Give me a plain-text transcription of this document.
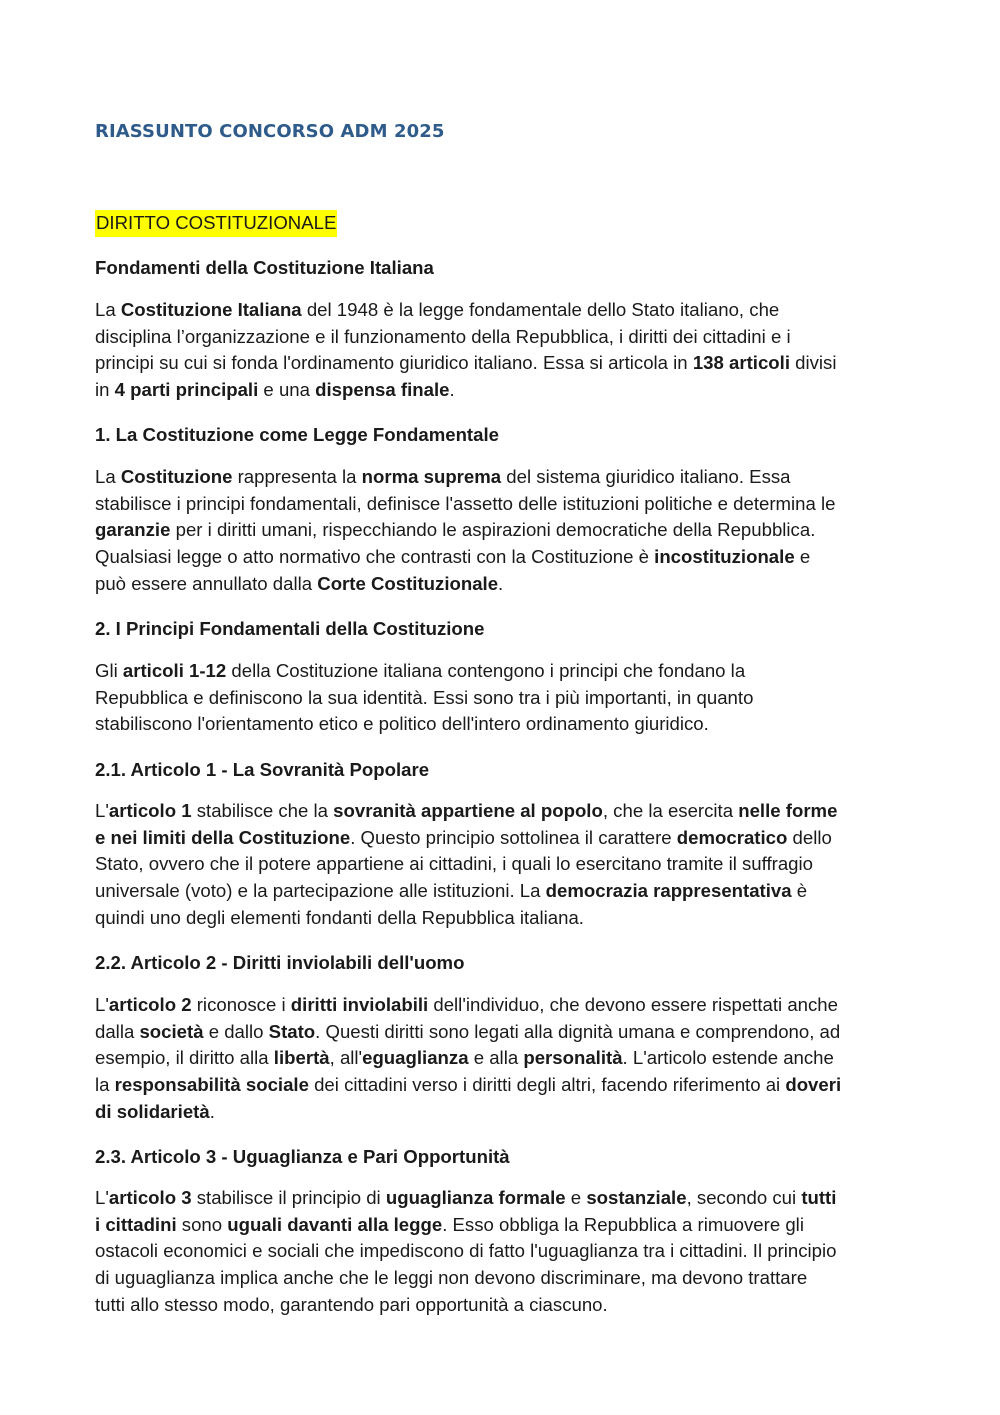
RIASSUNTO CONCORSO ADM 2025
DIRITTO COSTITUZIONALE
Fondamenti della Costituzione Italiana
La Costituzione Italiana del 1948 è la legge fondamentale dello Stato italiano, che
disciplina l’organizzazione e il funzionamento della Repubblica, i diritti dei cittadini e i
principi su cui si fonda l'ordinamento giuridico italiano. Essa si articola in 138 articoli divisi
in 4 parti principali e una dispensa finale.
1. La Costituzione come Legge Fondamentale
La Costituzione rappresenta la norma suprema del sistema giuridico italiano. Essa
stabilisce i principi fondamentali, definisce l'assetto delle istituzioni politiche e determina le
garanzie per i diritti umani, rispecchiando le aspirazioni democratiche della Repubblica.
Qualsiasi legge o atto normativo che contrasti con la Costituzione è incostituzionale e
può essere annullato dalla Corte Costituzionale.
2. I Principi Fondamentali della Costituzione
Gli articoli 1-12 della Costituzione italiana contengono i principi che fondano la
Repubblica e definiscono la sua identità. Essi sono tra i più importanti, in quanto
stabiliscono l'orientamento etico e politico dell'intero ordinamento giuridico.
2.1. Articolo 1 - La Sovranità Popolare
L'articolo 1 stabilisce che la sovranità appartiene al popolo, che la esercita nelle forme
e nei limiti della Costituzione. Questo principio sottolinea il carattere democratico dello
Stato, ovvero che il potere appartiene ai cittadini, i quali lo esercitano tramite il suffragio
universale (voto) e la partecipazione alle istituzioni. La democrazia rappresentativa è
quindi uno degli elementi fondanti della Repubblica italiana.
2.2. Articolo 2 - Diritti inviolabili dell'uomo
L'articolo 2 riconosce i diritti inviolabili dell'individuo, che devono essere rispettati anche
dalla società e dallo Stato. Questi diritti sono legati alla dignità umana e comprendono, ad
esempio, il diritto alla libertà, all'eguaglianza e alla personalità. L'articolo estende anche
la responsabilità sociale dei cittadini verso i diritti degli altri, facendo riferimento ai doveri
di solidarietà.
2.3. Articolo 3 - Uguaglianza e Pari Opportunità
L'articolo 3 stabilisce il principio di uguaglianza formale e sostanziale, secondo cui tutti
i cittadini sono uguali davanti alla legge. Esso obbliga la Repubblica a rimuovere gli
ostacoli economici e sociali che impediscono di fatto l'uguaglianza tra i cittadini. Il principio
di uguaglianza implica anche che le leggi non devono discriminare, ma devono trattare
tutti allo stesso modo, garantendo pari opportunità a ciascuno.
